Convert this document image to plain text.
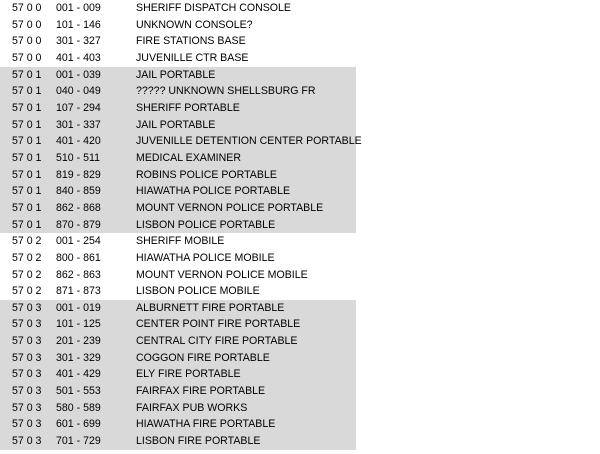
57 0 0 001 - 009	SHERIFF DISPATCH CONSOLE
57 0 0 101 - 146	UNKNOWN CONSOLE?
57 0 0 301 - 327	FIRE STATIONS BASE
57 0 0 401 - 403	JUVENILLE CTR BASE
57 0 1 001 - 039	JAIL PORTABLE
57 0 1 040 - 049	????? UNKNOWN SHELLSBURG FR
57 0 1 107 - 294	SHERIFF PORTABLE
57 0 1 301 - 337	JAIL PORTABLE
57 0 1 401 - 420	JUVENILLE DETENTION CENTER PORTABLE
57 0 1 510 - 511	MEDICAL EXAMINER
57 0 1 819 - 829	ROBINS POLICE PORTABLE
57 0 1 840 - 859	HIAWATHA POLICE PORTABLE
57 0 1 862 - 868	MOUNT VERNON POLICE PORTABLE
57 0 1 870 - 879	LISBON POLICE PORTABLE
57 0 2 001 - 254	SHERIFF MOBILE
57 0 2 800 - 861	HIAWATHA POLICE MOBILE
57 0 2 862 - 863	MOUNT VERNON POLICE MOBILE
57 0 2 871 - 873	LISBON POLICE MOBILE
57 0 3 001 - 019	ALBURNETT FIRE PORTABLE
57 0 3 101 - 125	CENTER POINT FIRE PORTABLE
57 0 3 201 - 239	CENTRAL CITY FIRE PORTABLE
57 0 3 301 - 329	COGGON FIRE PORTABLE
57 0 3 401 - 429	ELY FIRE PORTABLE
57 0 3 501 - 553	FAIRFAX FIRE PORTABLE
57 0 3 580 - 589	FAIRFAX PUB WORKS
57 0 3 601 - 699	HIAWATHA FIRE PORTABLE
57 0 3 701 - 729	LISBON FIRE PORTABLE
